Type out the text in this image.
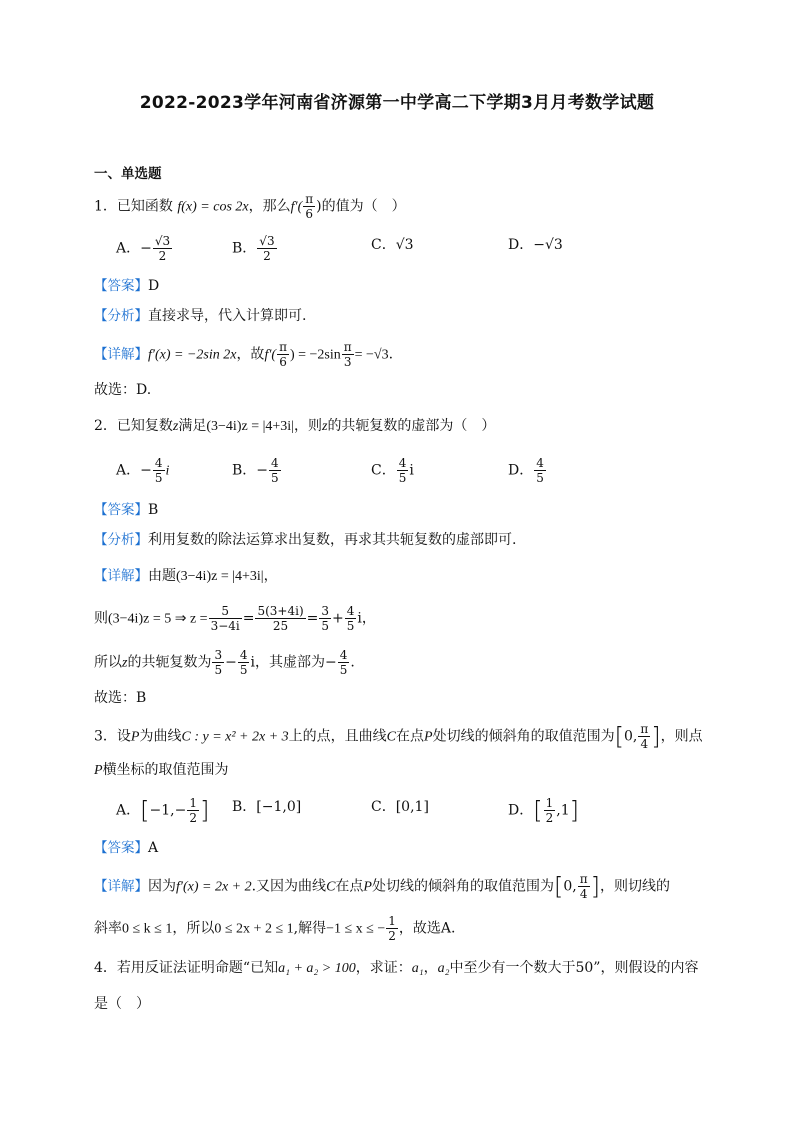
2022-2023学年河南省济源第一中学高二下学期3月月考数学试题
一、单选题
1．已知函数 f(x) = cos 2x，那么$f'( \frac{\pi}{6}$ )的值为（　）
A．− $\frac{√3}{2}$	B． $\frac{√3}{2}$	C．√3	D．−√3
【答案】D
【分析】直接求导，代入计算即可.
【详解】f′(x) = −2sin 2x，故$f'( \frac{\pi}{6}$ ) = $-2\sin \frac{\pi}{3} = -√3$.
故选：D.
2．已知复数z满足(3−4i)z = |4+3i|，则z的共轭复数的虚部为（　）
A．− $\frac{4}{5}$ i	B．− $\frac{4}{5}$	C． $\frac{4}{5}$ i	D． $\frac{4}{5}$
【答案】B
【分析】利用复数的除法运算求出复数，再求其共轭复数的虚部即可.
【详解】由题(3−4i)z = |4+3i|，
则(3−4i)z = 5 ⇒ $z = \frac{5}{3-4i} = \frac{5(3+4i)}{25} = \frac{3}{5} + \frac{4}{5}$ i，
所以z的共轭复数为 $\frac{3}{5} - \frac{4}{5}$ i，其虚部为− $\frac{4}{5}$ .
故选：B
3．设P为曲线C : y = x² + 2x + 3上的点，且曲线C在点P处切线的倾斜角的取值范围为[0, $\frac{\pi}{4}$ ]，则点
P横坐标的取值范围为
A．[$-1,- \frac{1}{2}$ ] B．[−1,0]	C．[0,1]	D．[ $\frac{1}{2} ,1$]
【答案】A
【详解】因为f′(x) = 2x + 2.又因为曲线C在点P处切线的倾斜角的取值范围为[0, $\frac{\pi}{4}$ ]，则切线的
斜率0 ≤ k ≤ 1，所以0 ≤ 2x + 2 ≤ 1,解得−1 ≤ x ≤ − $\frac{1}{2}$ ，故选A.
4．若用反证法证明命题“已知a₁ + a₂ > 100，求证：a₁，a₂中至少有一个数大于50”，则假设的内容
是（　）
